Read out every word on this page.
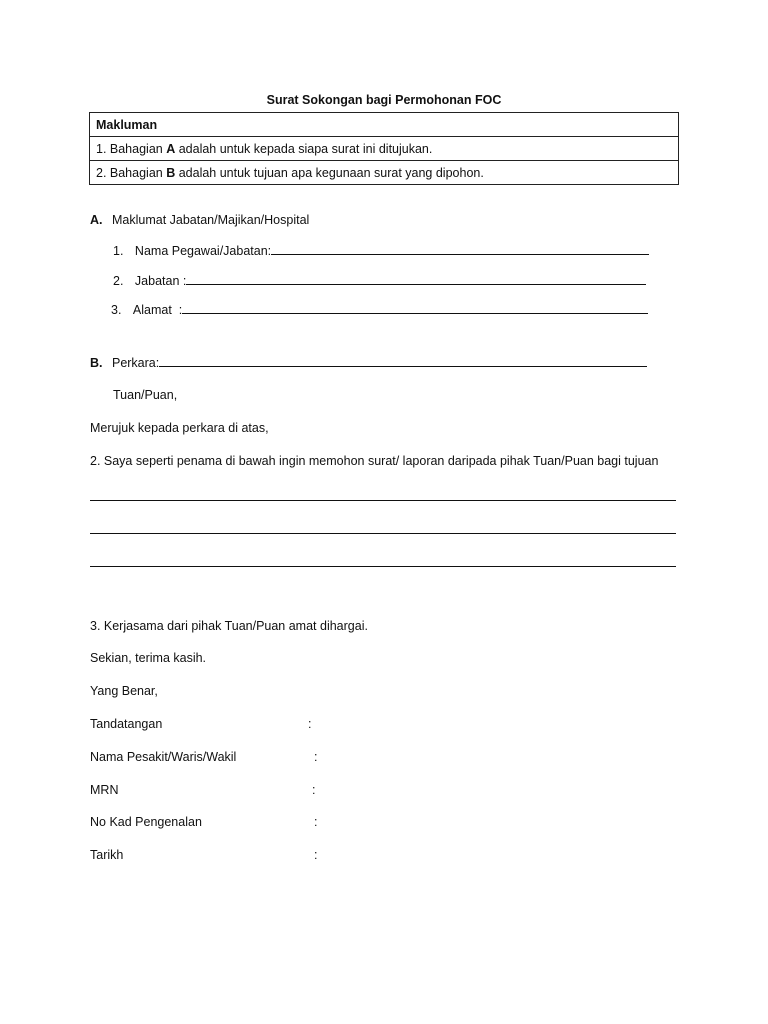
Surat Sokongan bagi Permohonan FOC
Makluman
1. Bahagian A adalah untuk kepada siapa surat ini ditujukan.
2. Bahagian B adalah untuk tujuan apa kegunaan surat yang dipohon.
A. Maklumat Jabatan/Majikan/Hospital
1. Nama Pegawai/Jabatan:
2. Jabatan :
3. Alamat  :
B. Perkara:
Tuan/Puan,
Merujuk kepada perkara di atas,
2. Saya seperti penama di bawah ingin memohon surat/ laporan daripada pihak Tuan/Puan bagi tujuan
3. Kerjasama dari pihak Tuan/Puan amat dihargai.
Sekian, terima kasih.
Yang Benar,
Tandatangan	:
Nama Pesakit/Waris/Wakil	:
MRN	:
No Kad Pengenalan	:
Tarikh	:
